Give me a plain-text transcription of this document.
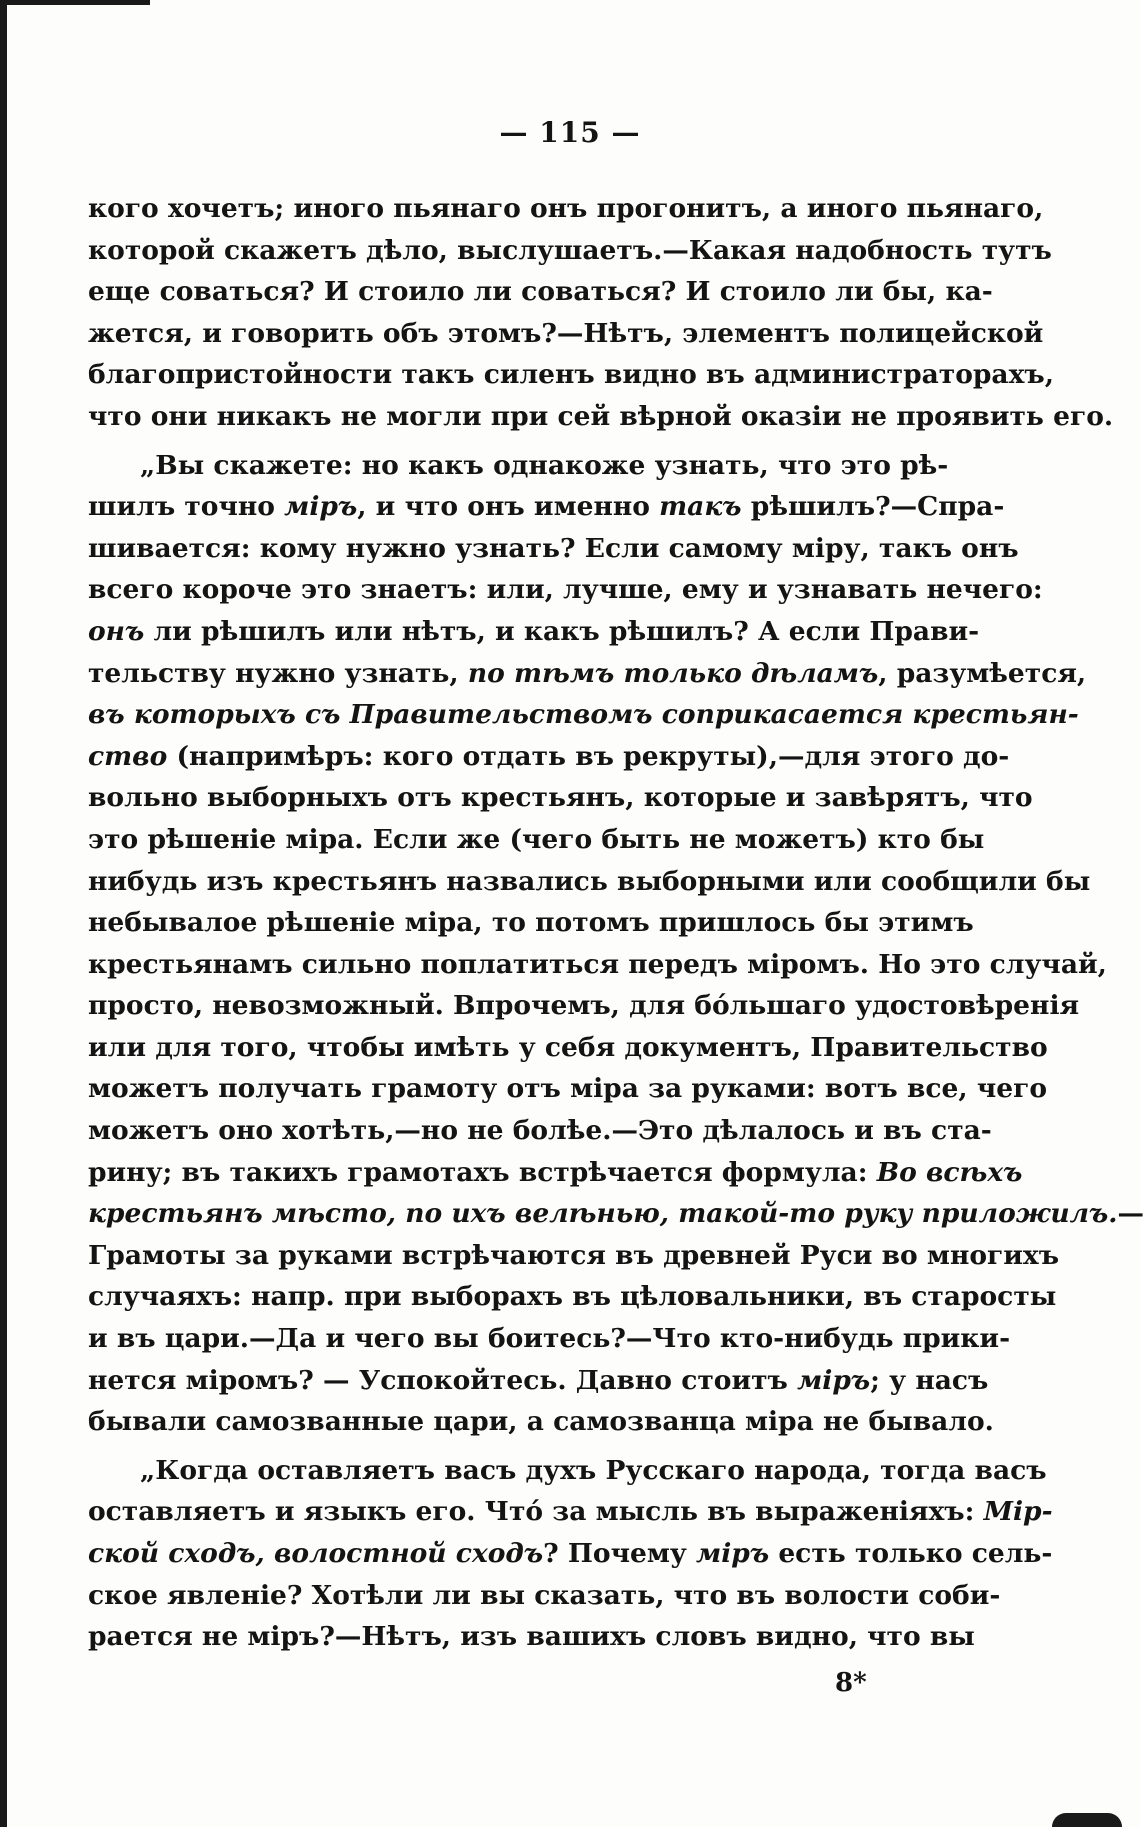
— 115 —
кого хочетъ; иного пьянаго онъ прогонитъ, а иного пьянаго,
которой скажетъ дѣло, выслушаетъ.—Какая надобность тутъ
еще соваться? И стоило ли соваться? И стоило ли бы, ка-
жется, и говорить объ этомъ?—Нѣтъ, элементъ полицейской
благопристойности такъ силенъ видно въ администраторахъ,
что они никакъ не могли при сей вѣрной оказіи не проявить его.
„Вы скажете: но какъ однакоже узнать, что это рѣ-
шилъ точно міръ, и что онъ именно такъ рѣшилъ?—Спра-
шивается: кому нужно узнать? Если самому міру, такъ онъ
всего короче это знаетъ: или, лучше, ему и узнавать нечего:
онъ ли рѣшилъ или нѣтъ, и какъ рѣшилъ? А если Прави-
тельству нужно узнать, по тѣмъ только дѣламъ, разумѣется,
въ которыхъ съ Правительствомъ соприкасается крестьян-
ство (напримѣръ: кого отдать въ рекруты),—для этого до-
вольно выборныхъ отъ крестьянъ, которые и завѣрятъ, что
это рѣшеніе міра. Если же (чего быть не можетъ) кто бы
нибудь изъ крестьянъ назвались выборными или сообщили бы
небывалое рѣшеніе міра, то потомъ пришлось бы этимъ
крестьянамъ сильно поплатиться передъ міромъ. Но это случай,
просто, невозможный. Впрочемъ, для бóльшаго удостовѣренія
или для того, чтобы имѣть у себя документъ, Правительство
можетъ получать грамоту отъ міра за руками: вотъ все, чего
можетъ оно хотѣть,—но не болѣе.—Это дѣлалось и въ ста-
рину; въ такихъ грамотахъ встрѣчается формула: Во всѣхъ
крестьянъ мѣсто, по ихъ велѣнью, такой-то руку приложилъ.—
Грамоты за руками встрѣчаются въ древней Руси во многихъ
случаяхъ: напр. при выборахъ въ цѣловальники, въ старосты
и въ цари.—Да и чего вы боитесь?—Что кто-нибудь прики-
нется міромъ? — Успокойтесь. Давно стоитъ міръ; у насъ
бывали самозванные цари, а самозванца міра не бывало.
„Когда оставляетъ васъ духъ Русскаго народа, тогда васъ
оставляетъ и языкъ его. Чтó за мысль въ выраженіяхъ: Мір-
ской сходъ, волостной сходъ? Почему міръ есть только сель-
ское явленіе? Хотѣли ли вы сказать, что въ волости соби-
рается не міръ?—Нѣтъ, изъ вашихъ словъ видно, что вы
8*
